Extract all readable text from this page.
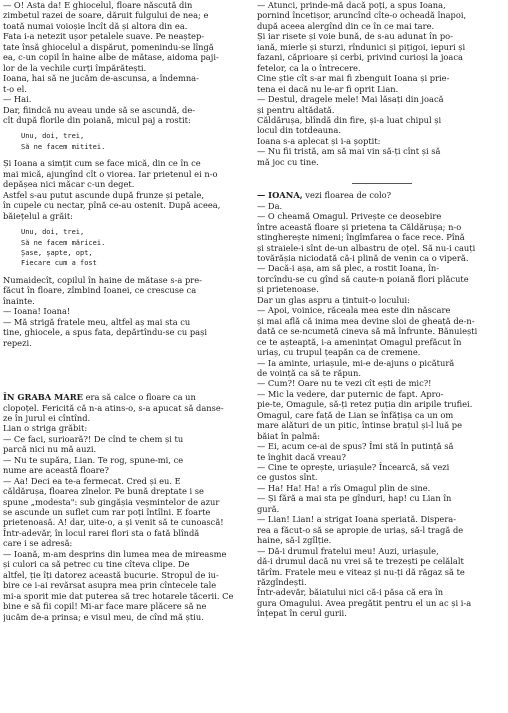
— O! Asta da! E ghiocelul, floare născută din
zimbetul razei de soare, dăruit fulgului de nea; e
toată numai voioșie încît dă și altora din ea.
Fata i-a netezit ușor petalele suave. Pe neaștep-
tate însă ghiocelul a dispărut, pomenindu-se lîngă
ea, c-un copil în haine albe de mătase, aidoma paji-
lor de la vechile curți împărătești.
Ioana, hai să ne jucăm de-ascunsa, a îndemna-
t-o el.
— Hai.
Dar, fiindcă nu aveau unde să se ascundă, de-
cît după florile din poiană, micul paj a rostit:
Unu, doi, trei,
Să ne facem mititei.
Și Ioana a simțit cum se face mică, din ce în ce
mai mică, ajungînd cît o vioreа. Iar prietenul ei n-o
depășea nici măcar c-un deget.
Astfel s-au putut ascunde după frunze și petale,
în cupele cu nectar, pînă ce-au ostenit. După aceea,
băiețelul a grăit:
Unu, doi, trei,
Să ne facem măricei.
Șase, șapte, opt,
Fiecare cum a fost
Numaidecît, copilul în haine de mătase s-a pre-
făcut în floare, zîmbind Ioanei, ce crescuse ca
înainte.
— Ioana! Ioana!
— Mă strigă fratele meu, altfel aș mai sta cu
tine, ghiocele, a spus fata, depărtîndu-se cu pași
repezi.
ÎN GRABA MARE era să calce o floare ca un
clopoțel. Fericită că n-a atins-o, s-a apucat să danse-
ze în jurul ei cîntînd.
Lian o striga grăbit:
— Ce faci, surioară?! De cînd te chem și tu
parcă nici nu mă auzi.
— Nu te supăra, Lian. Te rog, spune-mi, ce
nume are această floare?
— Aa! Deci ea te-a fermecat. Cred și eu. E
căldărușa, floarea zînelor. Pe bună dreptate i se
spune „modesta": sub gingășia veșmintelor de azur
se ascunde un suflet cum rar poți întîlni. E foarte
prietenoasă. A! dar, uite-o, a și venit să te cunoască!
Într-adevăr, în locul rarei flori sta o fată blîndă
care i se adresă:
— Ioană, m-am desprins din lumea mea de mireasme
și culori ca să petrec cu tine cîteva clipe. De
altfel, ție îți datorez această bucurie. Stropul de iu-
bire ce i-ai revărsat asupra mea prin cîntecele tale
mi-a sporit mie dat puterea să trec hotarele tăcerii. Ce
bine e să fii copil! Mi-ar face mare plăcere să ne
jucăm de-a prinsa; e visul meu, de cînd mă știu.
— Atunci, prinde-mă dacă poți, a spus Ioana,
pornind încetișor, aruncînd cîte-o ocheadă înapoi,
după aceea alergînd din ce în ce mai tare.
Și iar risete și voie bună, de s-au adunat în po-
iană, mierle și sturzi, rîndunici și pițigoi, iepuri și
fazani, căprioare și cerbi, privind curioși la joaca
fetelor, ca la o întrecere.
Cine știe cît s-ar mai fi zbenguit Ioana și prie-
tena ei dacă nu le-ar fi oprit Lian.
— Destul, dragele mele! Mai lăsați din joacă
și pentru altădată.
Căldărușa, blîndă din fire, și-a luat chipul și
locul din totdeauna.
Ioana s-a aplecat și i-a șoptit:
— Nu fii tristă, am să mai vin să-ți cînt și să
mă joc cu tine.
— IOANA, vezi floarea de colo?
— Da.
— O cheamă Omagul. Privește ce deosebire
între această floare și prietena ta Căldărușa; n-o
stingherește nimeni; îngîmfarea o face rece. Pînă
și straiele-i sînt de-un albastru de oțel. Să nu-i cauți
tovărășia niciodată că-i plină de venin ca o viperă.
— Dacă-i așa, am să plec, a rostit Ioana, în-
torcîndu-se cu gînd să caute-n poiană flori plăcute
și prietenoase.
Dar un glas aspru a țintuit-o locului:
— Apoi, voinice, răceala mea este din născare
și mai află că inima mea devine sloi de gheață de-n-
dată ce se-ncumetă cineva să mă înfrunte. Bănuiești
ce te așteaptă, i-a amenințat Omagul prefăcut în
uriaș, cu trupul țeapăn ca de cremene.
— Ia aminte, uriașule, mi-e de-ajuns o picătură
de voință ca să te răpun.
— Cum?! Oare nu te vezi cît ești de mic?!
— Mic la vedere, dar puternic de fapt. Apro-
pie-te, Omagule, să-ți retez puția din aripile trufiei.
Omagul, care față de Lian se înfățișa ca un om
mare alături de un pitic, întinse brațul și-l luă pe
băiat în palmă:
— Ei, acum ce-ai de spus? Îmi stă în putință să
te înghit dacă vreau?
— Cine te oprește, uriașule? Încearcă, să vezi
ce gustos sînt.
— Ha! Ha! Ha! a rîs Omagul plin de sine.
— Și fără a mai sta pe gînduri, hap! cu Lian în
gură.
— Lian! Lian! a strigat Ioana speriată. Dispera-
rea a făcut-o să se apropie de uriaș, să-l tragă de
haine, să-l zgîlție.
— Dă-i drumul fratelui meu! Auzi, uriașule,
dă-i drumul dacă nu vrei să te trezești pe celălalt
tărîm. Fratele meu e viteaz și nu-ți dă răgaz să te
răzgîndești.
Într-adevăr, băiatului nici că-i păsa că era în
gura Omagului. Avea pregătit pentru el un ac și i-a
înțepat în cerul gurii.
